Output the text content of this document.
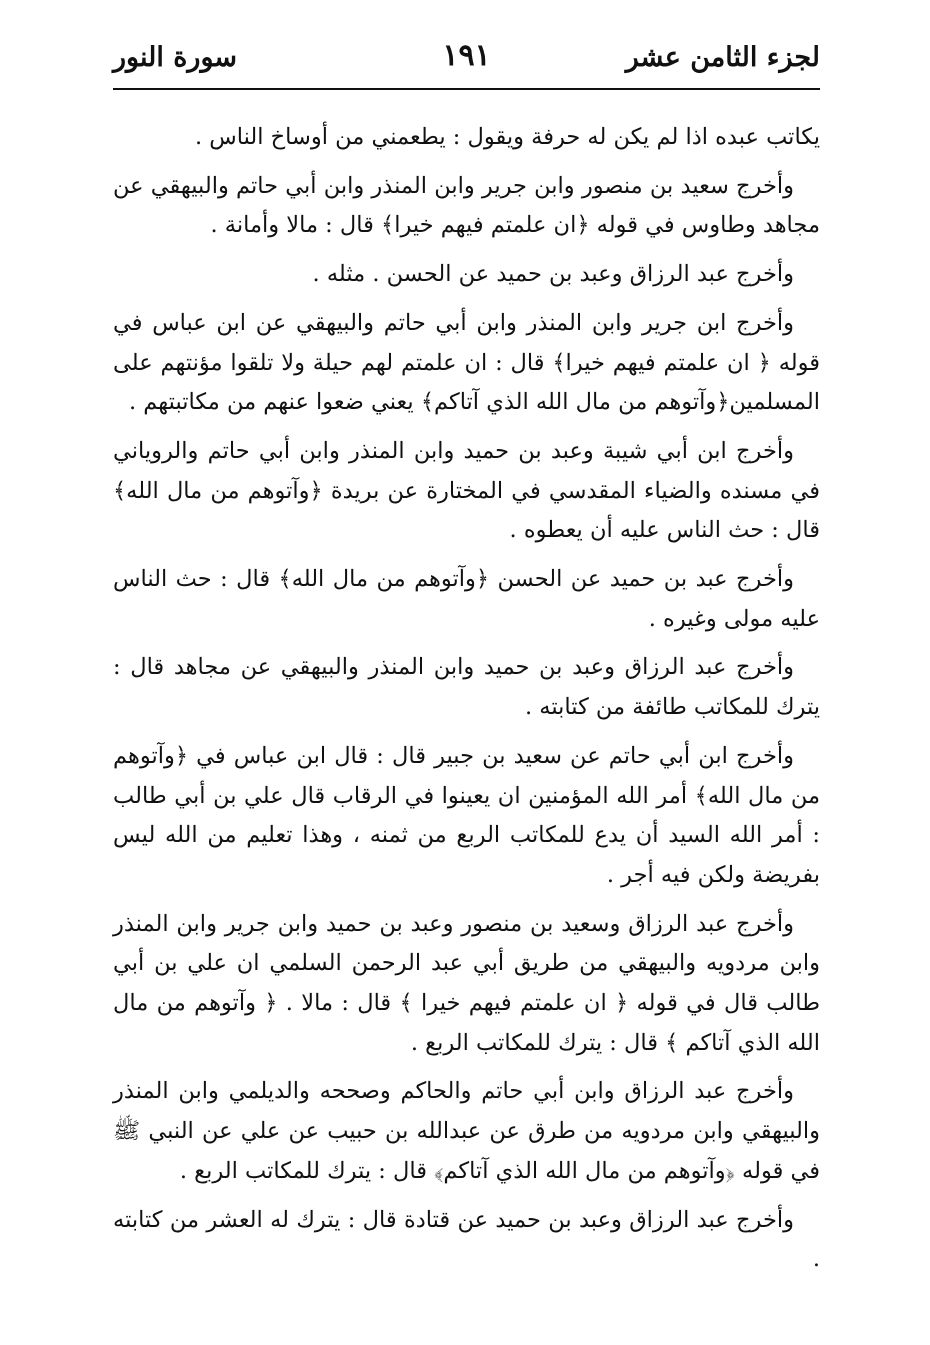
لجزء الثامن عشر
١٩١
سورة النور

يكاتب عبده اذا لم يكن له حرفة ويقول : يطعمني من أوساخ الناس .

وأخرج سعيد بن منصور وابن جرير وابن المنذر وابن أبي حاتم والبيهقي عن مجاهد وطاوس في قوله ﴿ان علمتم فيهم خيرا﴾ قال : مالا وأمانة .

وأخرج عبد الرزاق وعبد بن حميد عن الحسن . مثله .

وأخرج ابن جرير وابن المنذر وابن أبي حاتم والبيهقي عن ابن عباس في قوله ﴿ ان علمتم فيهم خيرا﴾ قال : ان علمتم لهم حيلة ولا تلقوا مؤنتهم على المسلمين﴿وآتوهم من مال الله الذي آتاكم﴾ يعني ضعوا عنهم من مكاتبتهم .

وأخرج ابن أبي شيبة وعبد بن حميد وابن المنذر وابن أبي حاتم والروياني في مسنده والضياء المقدسي في المختارة عن بريدة ﴿وآتوهم من مال الله﴾ قال : حث الناس عليه أن يعطوه .

وأخرج عبد بن حميد عن الحسن ﴿وآتوهم من مال الله﴾ قال : حث الناس عليه مولى وغيره .

وأخرج عبد الرزاق وعبد بن حميد وابن المنذر والبيهقي عن مجاهد قال : يترك للمكاتب طائفة من كتابته .

وأخرج ابن أبي حاتم عن سعيد بن جبير قال : قال ابن عباس في ﴿وآتوهم من مال الله﴾ أمر الله المؤمنين ان يعينوا في الرقاب قال علي بن أبي طالب : أمر الله السيد أن يدع للمكاتب الربع من ثمنه ، وهذا تعليم من الله ليس بفريضة ولكن فيه أجر .

وأخرج عبد الرزاق وسعيد بن منصور وعبد بن حميد وابن جرير وابن المنذر وابن مردويه والبيهقي من طريق أبي عبد الرحمن السلمي ان علي بن أبي طالب قال في قوله ﴿ ان علمتم فيهم خيرا ﴾ قال : مالا . ﴿ وآتوهم من مال الله الذي آتاكم ﴾ قال : يترك للمكاتب الربع .

وأخرج عبد الرزاق وابن أبي حاتم والحاكم وصححه والديلمي وابن المنذر والبيهقي وابن مردويه من طرق عن عبدالله بن حبيب عن علي عن النبي ﷺ في قوله ﴿وآتوهم من مال الله الذي آتاكم﴾ قال : يترك للمكاتب الربع .

وأخرج عبد الرزاق وعبد بن حميد عن قتادة قال : يترك له العشر من كتابته .
